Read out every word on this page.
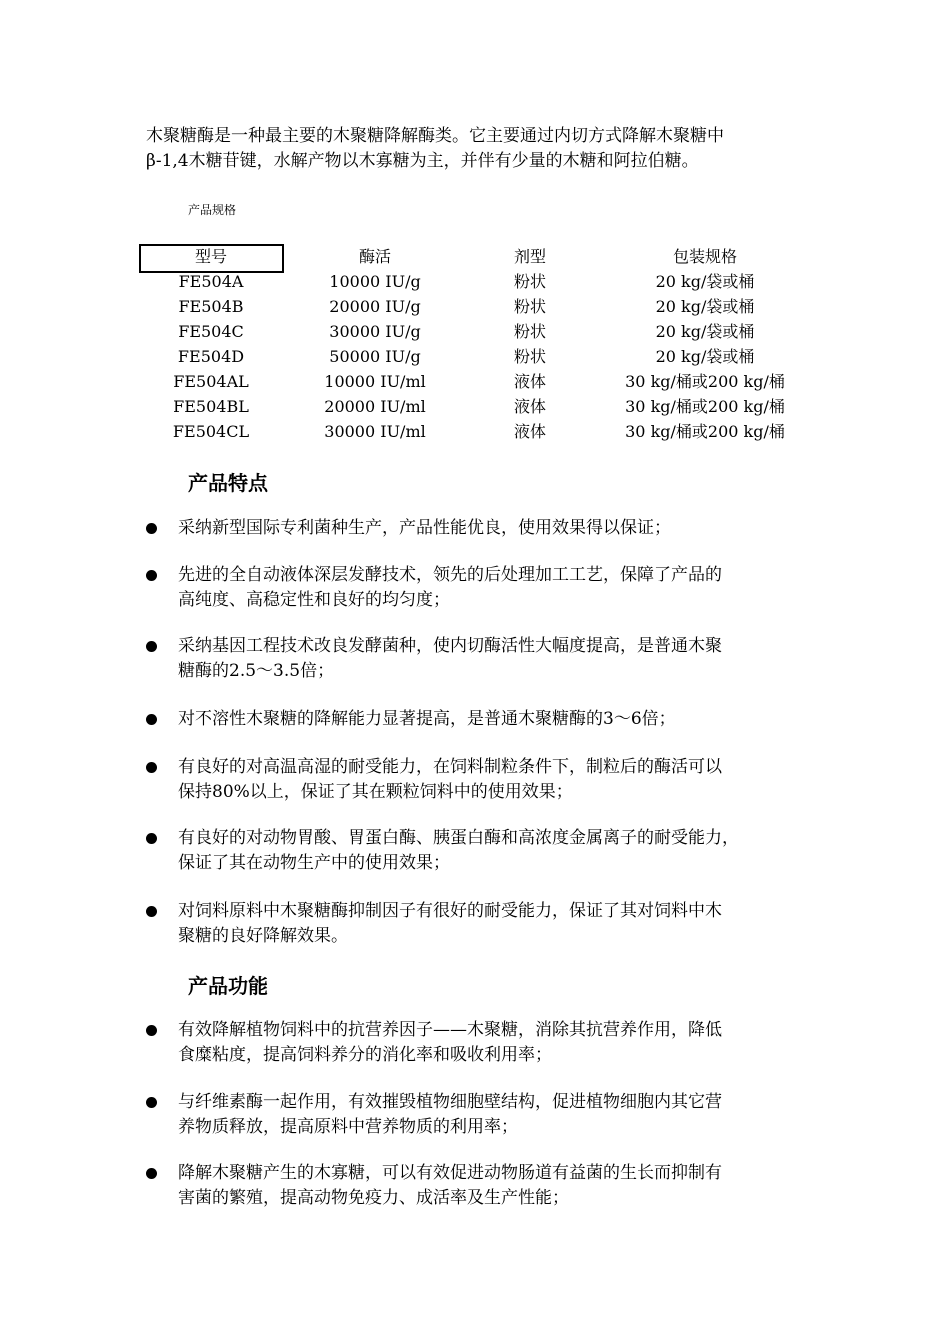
木聚糖酶是一种最主要的木聚糖降解酶类。它主要通过内切方式降解木聚糖中

β-1,4木糖苷键，水解产物以木寡糖为主，并伴有少量的木糖和阿拉伯糖。

产品规格
型号	酶活	剂型	包装规格
FE504A	10000 IU/g	粉状	20 kg/袋或桶
FE504B	20000 IU/g	粉状	20 kg/袋或桶
FE504C	30000 IU/g	粉状	20 kg/袋或桶
FE504D	50000 IU/g	粉状	20 kg/袋或桶
FE504AL	10000 IU/ml	液体	30 kg/桶或200 kg/桶
FE504BL	20000 IU/ml	液体	30 kg/桶或200 kg/桶
FE504CL	30000 IU/ml	液体	30 kg/桶或200 kg/桶
产品特点
采纳新型国际专利菌种生产，产品性能优良，使用效果得以保证；
先进的全自动液体深层发酵技术，领先的后处理加工工艺，保障了产品的
高纯度、高稳定性和良好的均匀度；
采纳基因工程技术改良发酵菌种，使内切酶活性大幅度提高，是普通木聚
糖酶的2.5～3.5倍；
对不溶性木聚糖的降解能力显著提高，是普通木聚糖酶的3～6倍；
有良好的对高温高湿的耐受能力，在饲料制粒条件下，制粒后的酶活可以
保持80%以上，保证了其在颗粒饲料中的使用效果；
有良好的对动物胃酸、胃蛋白酶、胰蛋白酶和高浓度金属离子的耐受能力，
保证了其在动物生产中的使用效果；
对饲料原料中木聚糖酶抑制因子有很好的耐受能力，保证了其对饲料中木
聚糖的良好降解效果。
产品功能
有效降解植物饲料中的抗营养因子——木聚糖，消除其抗营养作用，降低
食糜粘度，提高饲料养分的消化率和吸收利用率；
与纤维素酶一起作用，有效摧毁植物细胞壁结构，促进植物细胞内其它营
养物质释放，提高原料中营养物质的利用率；
降解木聚糖产生的木寡糖，可以有效促进动物肠道有益菌的生长而抑制有
害菌的繁殖，提高动物免疫力、成活率及生产性能；
